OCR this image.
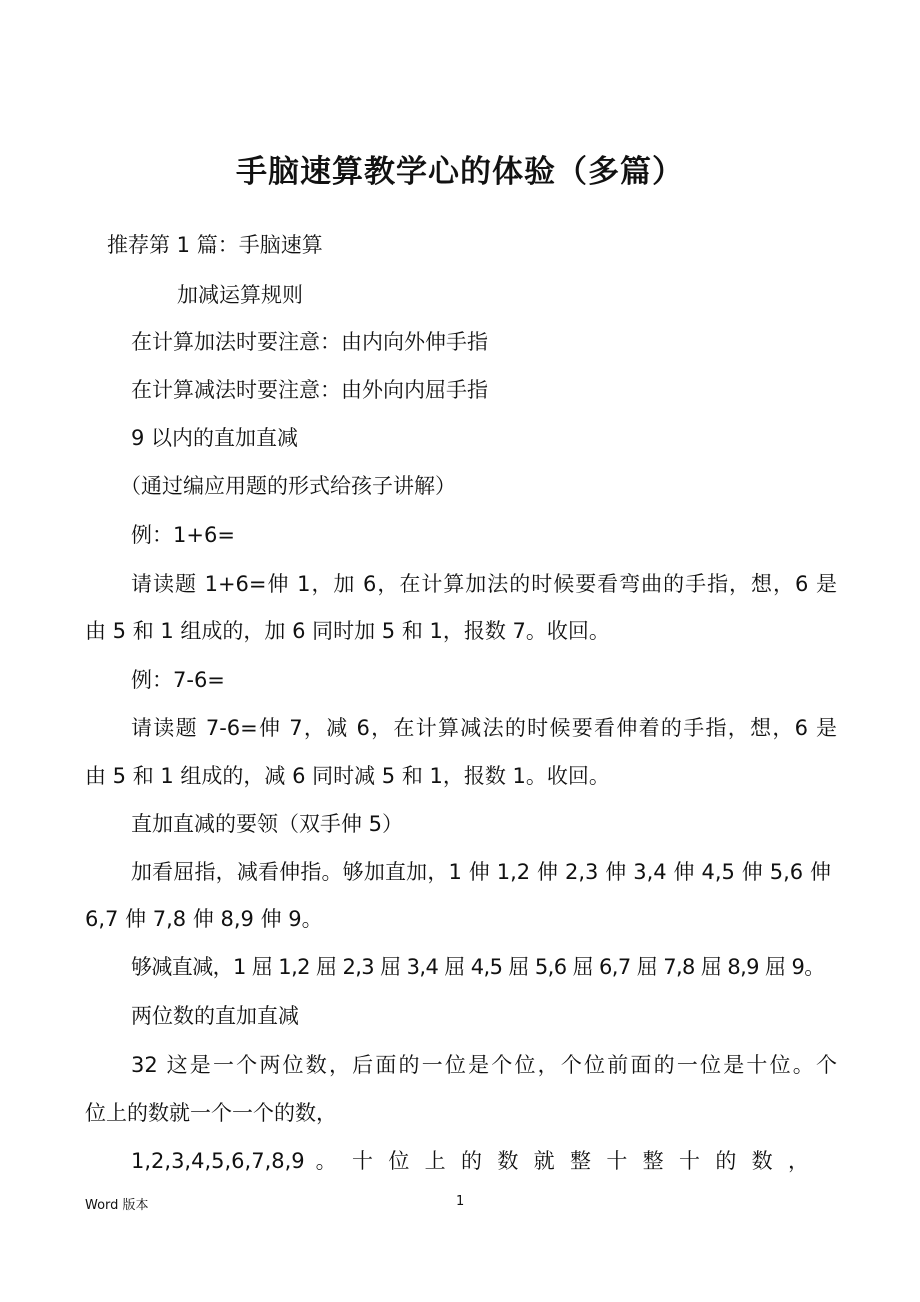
手脑速算教学心的体验（多篇）
推荐第 1 篇：手脑速算
加减运算规则
在计算加法时要注意：由内向外伸手指
在计算减法时要注意：由外向内屈手指
9 以内的直加直减
（通过编应用题的形式给孩子讲解）
例：1+6=
请读题 1+6=伸 1，加 6，在计算加法的时候要看弯曲的手指，想，6 是
由 5 和 1 组成的，加 6 同时加 5 和 1，报数 7。收回。
例：7-6=
请读题 7-6=伸 7，减 6，在计算减法的时候要看伸着的手指，想，6 是
由 5 和 1 组成的，减 6 同时减 5 和 1，报数 1。收回。
直加直减的要领（双手伸 5）
加看屈指，减看伸指。够加直加，1 伸 1,2 伸 2,3 伸 3,4 伸 4,5 伸 5,6 伸
6,7 伸 7,8 伸 8,9 伸 9。
够减直减，1 屈 1,2 屈 2,3 屈 3,4 屈 4,5 屈 5,6 屈 6,7 屈 7,8 屈 8,9 屈 9。
两位数的直加直减
32 这是一个两位数，后面的一位是个位，个位前面的一位是十位。个
位上的数就一个一个的数，
1,2,3,4,5,6,7,8,9 。 十 位 上 的 数 就 整 十 整 十 的 数 ，
Word 版本	1
